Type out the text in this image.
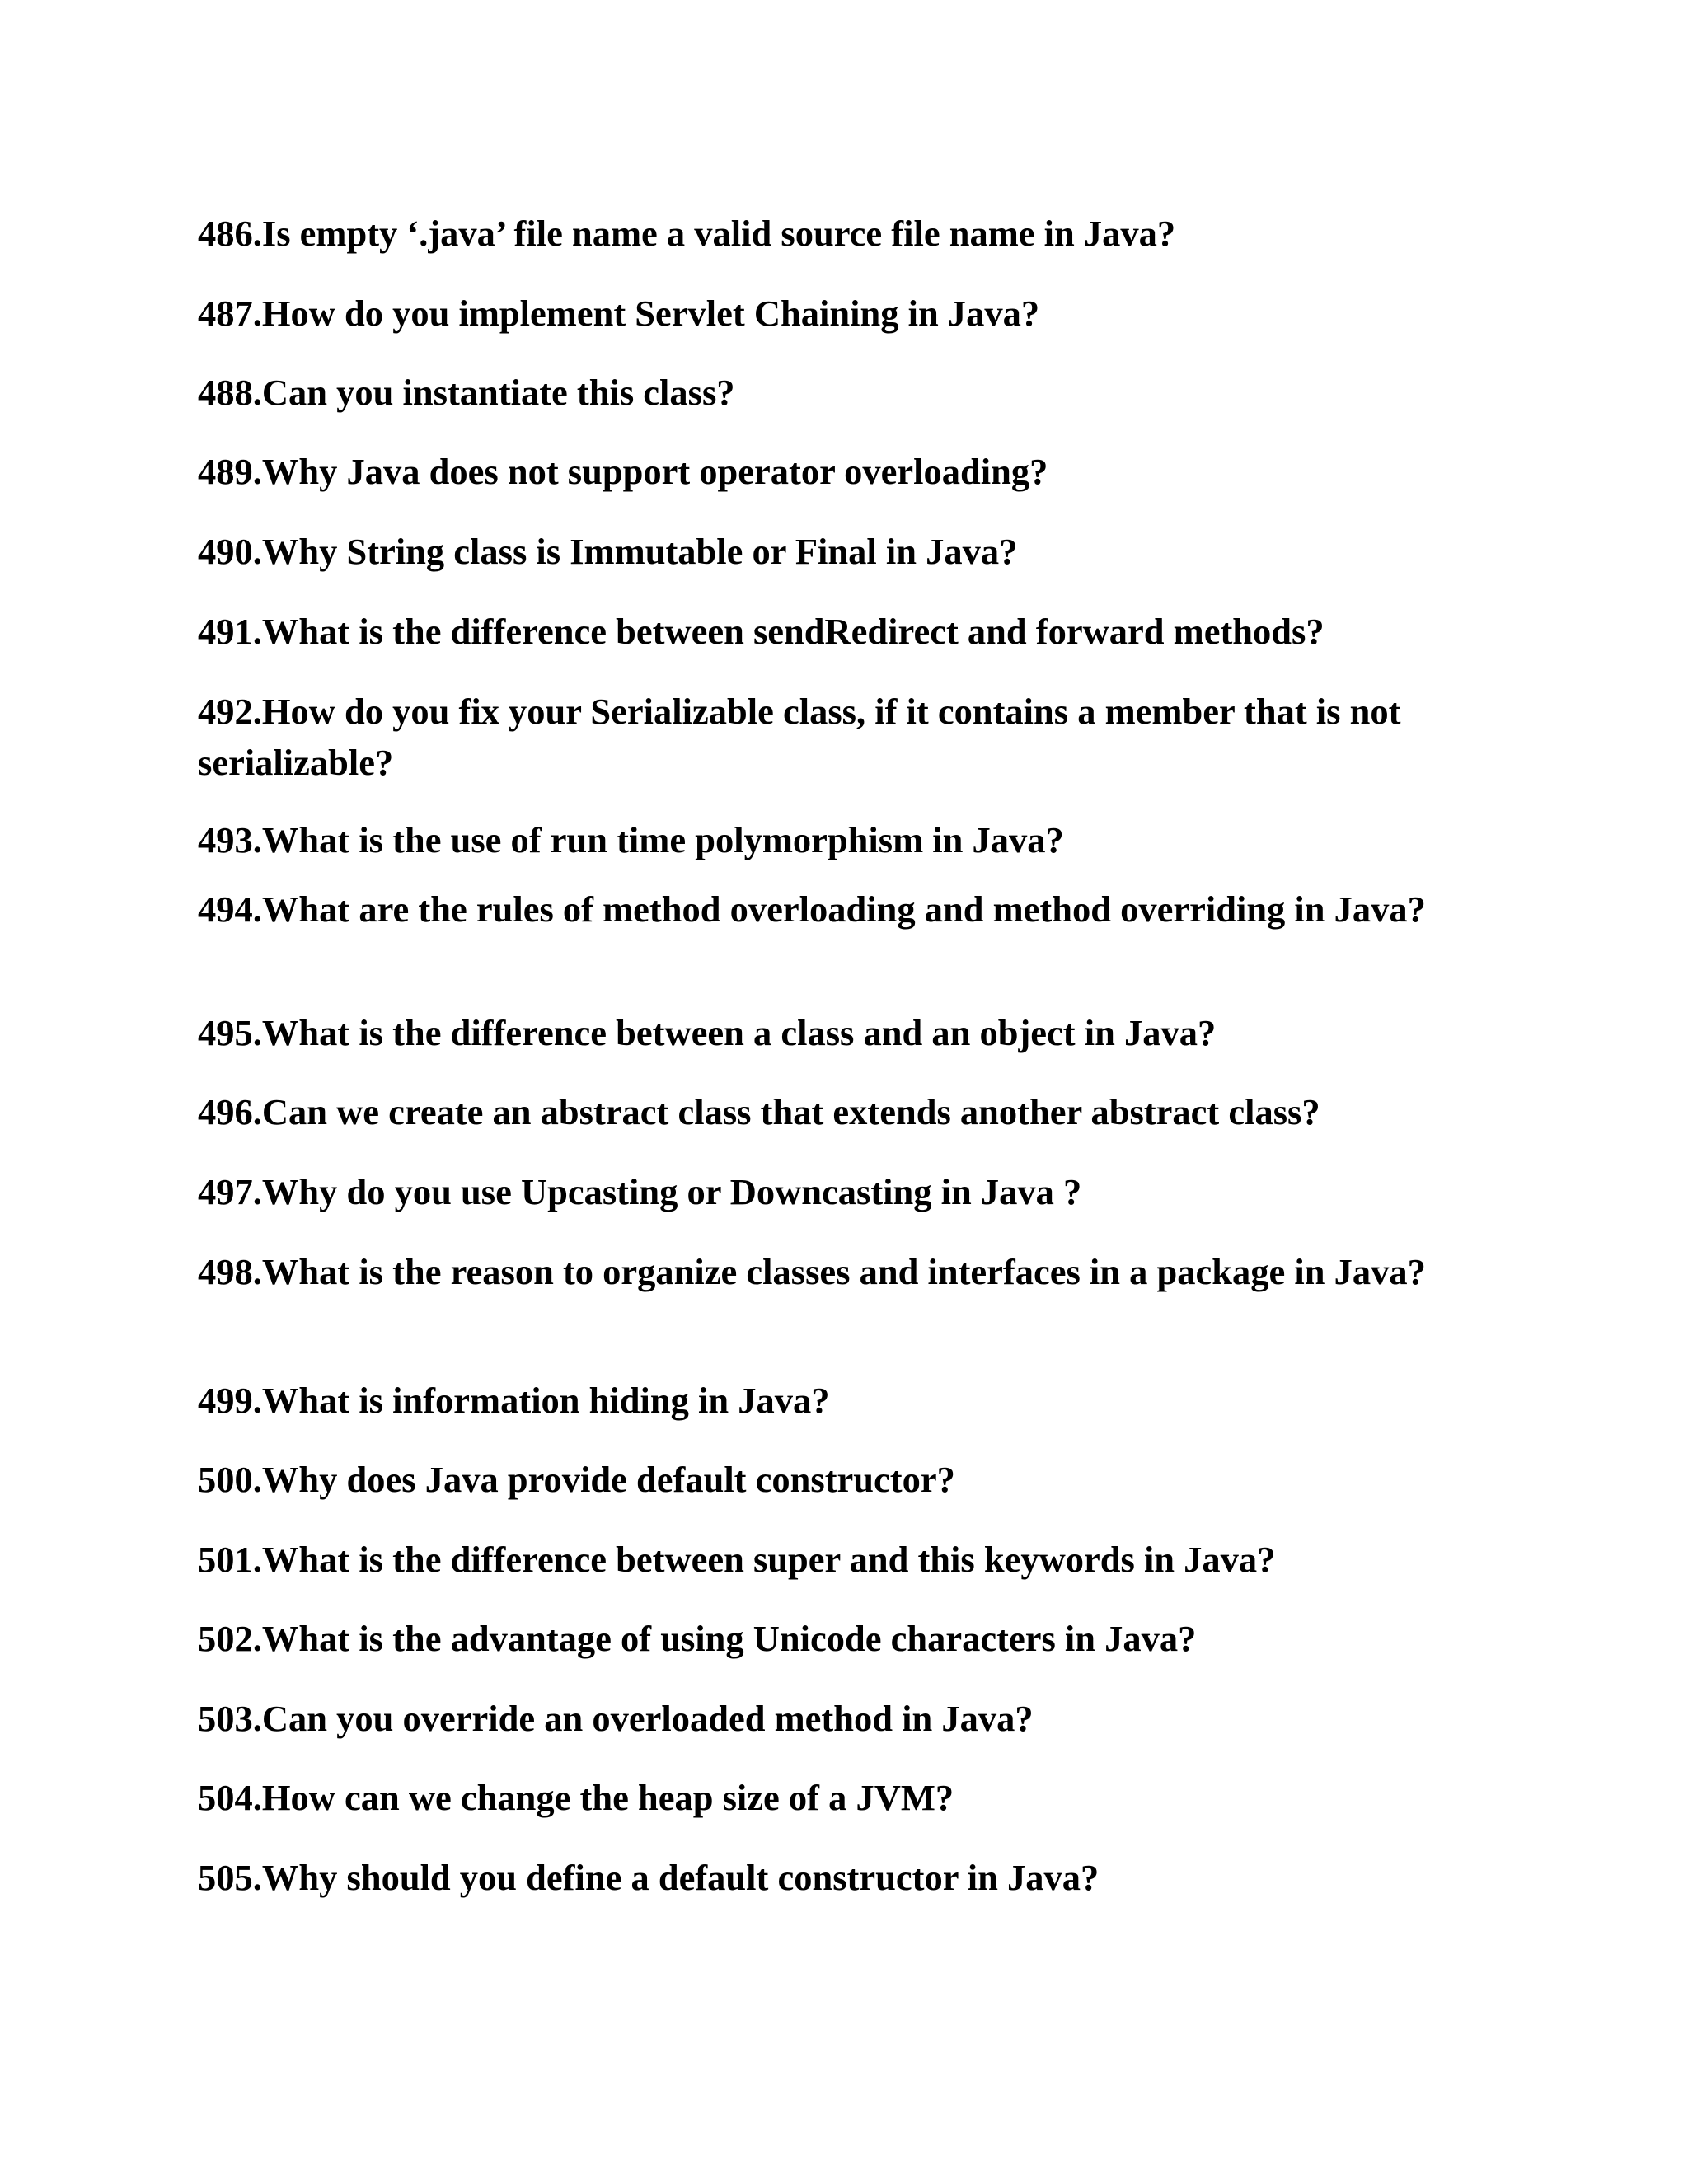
486.Is empty ‘.java’ file name a valid source file name in Java?

487.How do you implement Servlet Chaining in Java?

488.Can you instantiate this class?

489.Why Java does not support operator overloading?

490.Why String class is Immutable or Final in Java?

491.What is the difference between sendRedirect and forward methods?

492.How do you fix your Serializable class, if it contains a member that is not serializable?

493.What is the use of run time polymorphism in Java?

494.What are the rules of method overloading and method overriding in Java?

495.What is the difference between a class and an object in Java?

496.Can we create an abstract class that extends another abstract class?

497.Why do you use Upcasting or Downcasting in Java ?

498.What is the reason to organize classes and interfaces in a package in Java?

499.What is information hiding in Java?

500.Why does Java provide default constructor?

501.What is the difference between super and this keywords in Java?

502.What is the advantage of using Unicode characters in Java?

503.Can you override an overloaded method in Java?

504.How can we change the heap size of a JVM?

505.Why should you define a default constructor in Java?
